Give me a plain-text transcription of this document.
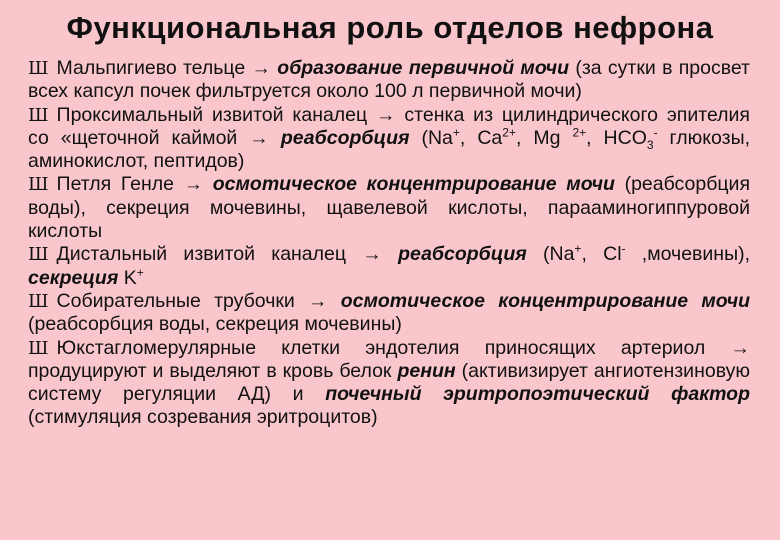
Функциональная роль отделов нефрона

Ш Мальпигиево тельце → образование первичной мочи (за сутки в просвет всех капсул почек фильтруется около 100 л первичной мочи)

Ш Проксимальный извитой каналец → стенка из цилиндрического эпителия со «щеточной каймой → реабсорбция (Na+, $Ca^{2+}$, Mg $^{2+}$, $HCO_3^-$ глюкозы, аминокислот, пептидов)

Ш Петля Генле → осмотическое концентрирование мочи (реабсорбция воды), секреция мочевины, щавелевой кислоты, парааминогиппуровой кислоты

Ш Дистальный извитой каналец → реабсорбция (Na+, Cl- ,мочевины), секреция K+

Ш Собирательные трубочки → осмотическое концентрирование мочи (реабсорбция воды, секреция мочевины)

Ш Юкстагломерулярные клетки эндотелия приносящих артериол → продуцируют и выделяют в кровь белок ренин (активизирует ангиотензиновую систему регуляции АД) и почечный эритропоэтический фактор (стимуляция созревания эритроцитов)
